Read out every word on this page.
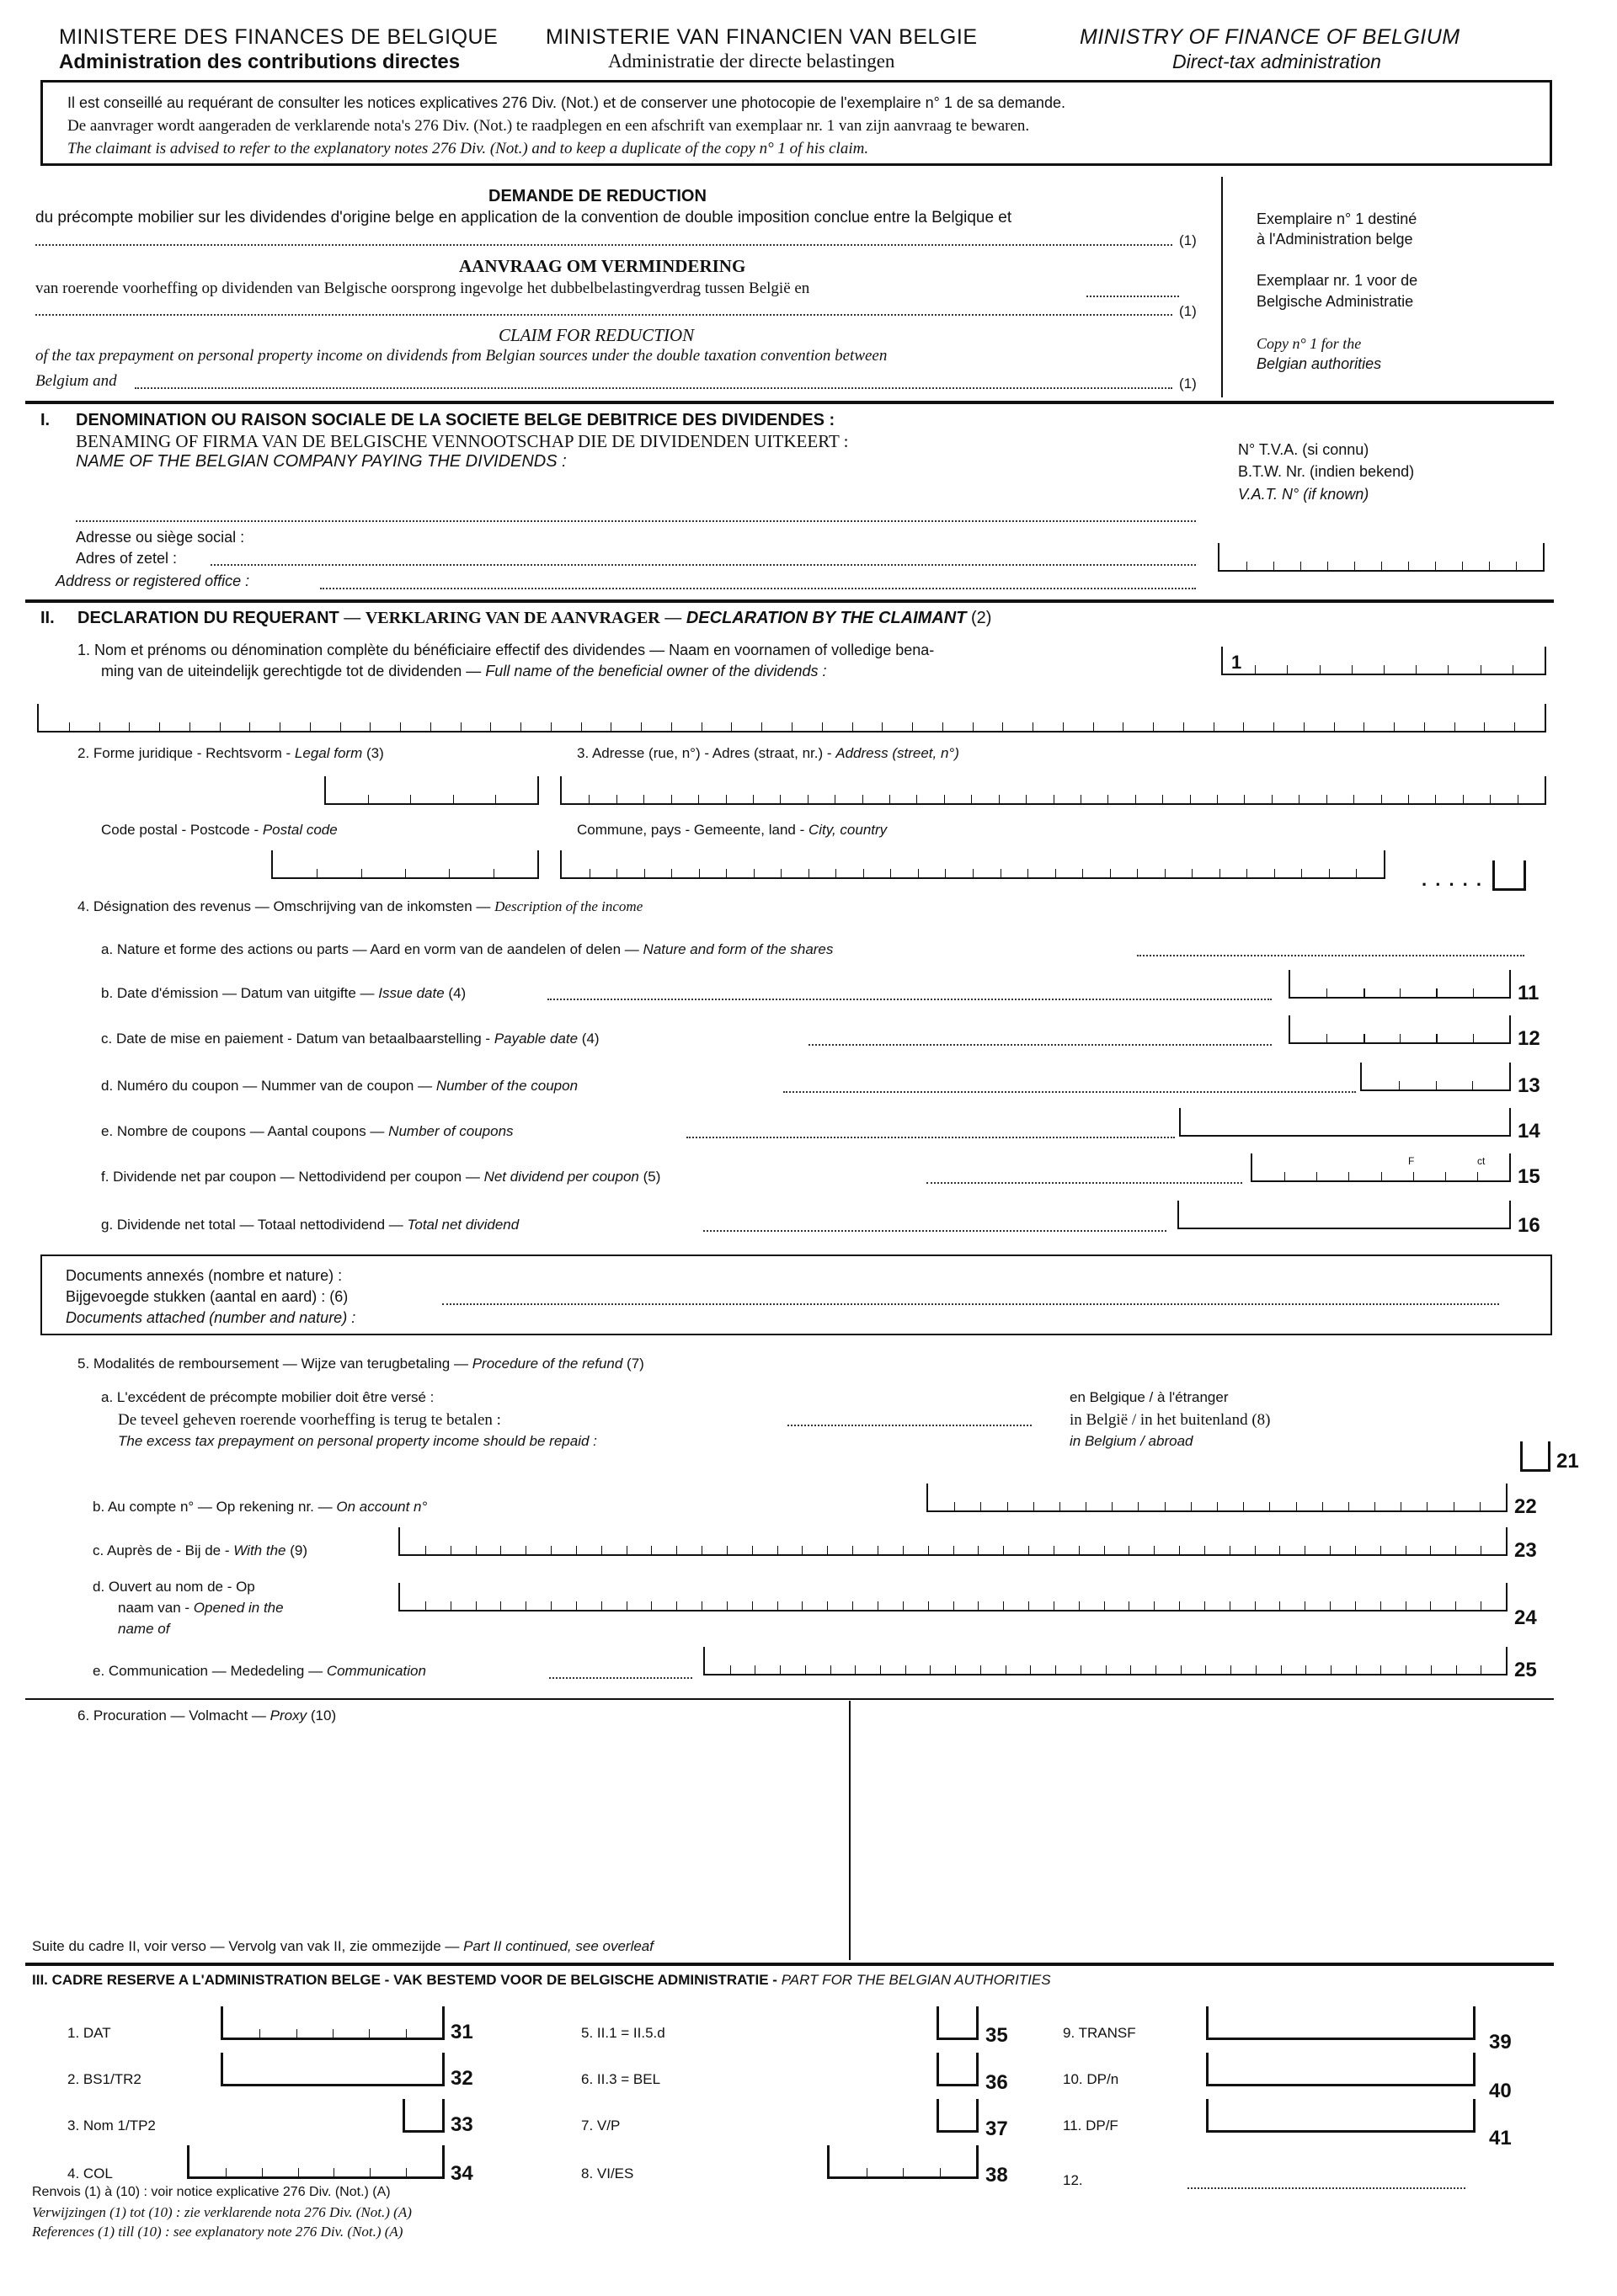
MINISTERE DES FINANCES DE BELGIQUE
Administration des contributions directes
MINISTERIE VAN FINANCIEN VAN BELGIE
Administratie der directe belastingen
MINISTRY OF FINANCE OF BELGIUM
Direct-tax administration
Il est conseillé au requérant de consulter les notices explicatives 276 Div. (Not.) et de conserver une photocopie de l'exemplaire n° 1 de sa demande.
De aanvrager wordt aangeraden de verklarende nota's 276 Div. (Not.) te raadplegen en een afschrift van exemplaar nr. 1 van zijn aanvraag te bewaren.
The claimant is advised to refer to the explanatory notes 276 Div. (Not.) and to keep a duplicate of the copy n° 1 of his claim.
DEMANDE DE REDUCTION
du précompte mobilier sur les dividendes d'origine belge en application de la convention de double imposition conclue entre la Belgique et
(1)
AANVRAAG OM VERMINDERING
van roerende voorheffing op dividenden van Belgische oorsprong ingevolge het dubbelbelastingverdrag tussen België en
(1)
CLAIM FOR REDUCTION
of the tax prepayment on personal property income on dividends from Belgian sources under the double taxation convention between
Belgium and	(1)
Exemplaire n° 1 destiné
à l'Administration belge
Exemplaar nr. 1 voor de
Belgische Administratie
Copy n° 1 for the
Belgian authorities
I. DENOMINATION OU RAISON SOCIALE DE LA SOCIETE BELGE DEBITRICE DES DIVIDENDES :
BENAMING OF FIRMA VAN DE BELGISCHE VENNOOTSCHAP DIE DE DIVIDENDEN UITKEERT :
NAME OF THE BELGIAN COMPANY PAYING THE DIVIDENDS :
N° T.V.A. (si connu)
B.T.W. Nr. (indien bekend)
V.A.T. N° (if known)
Adresse ou siège social :
Adres of zetel :
Address or registered office :
II. DECLARATION DU REQUERANT — VERKLARING VAN DE AANVRAGER — DECLARATION BY THE CLAIMANT (2)
1. Nom et prénoms ou dénomination complète du bénéficiaire effectif des dividendes — Naam en voornamen of volledige bena-
ming van de uiteindelijk gerechtigde tot de dividenden — Full name of the beneficial owner of the dividends :	1
2. Forme juridique - Rechtsvorm - Legal form (3)	3. Adresse (rue, n°) - Adres (straat, nr.) - Address (street, n°)
Code postal - Postcode - Postal code	Commune, pays - Gemeente, land - City, country
. . . . .
4. Désignation des revenus — Omschrijving van de inkomsten — Description of the income
a. Nature et forme des actions ou parts — Aard en vorm van de aandelen of delen — Nature and form of the shares
b. Date d'émission — Datum van uitgifte — Issue date (4)	11
c. Date de mise en paiement - Datum van betaalbaarstelling - Payable date (4)	12
d. Numéro du coupon — Nummer van de coupon — Number of the coupon	13
e. Nombre de coupons — Aantal coupons — Number of coupons	14
f. Dividende net par coupon — Nettodividend per coupon — Net dividend per coupon (5)
F	ct
15
g. Dividende net total — Totaal nettodividend — Total net dividend	16
Documents annexés (nombre et nature) :
Bijgevoegde stukken (aantal en aard) : (6)
Documents attached (number and nature) :
5. Modalités de remboursement — Wijze van terugbetaling — Procedure of the refund (7)
a. L'excédent de précompte mobilier doit être versé :
De teveel geheven roerende voorheffing is terug te betalen :
The excess tax prepayment on personal property income should be repaid :
en Belgique / à l'étranger
in België / in het buitenland (8)
in Belgium / abroad
21
b. Au compte n° — Op rekening nr. — On account n°	22
c. Auprès de - Bij de - With the (9)	23
d. Ouvert au nom de - Op
naam van - Opened in the
name of	24
e. Communication — Mededeling — Communication	25
6. Procuration — Volmacht — Proxy (10)
Suite du cadre II, voir verso — Vervolg van vak II, zie ommezijde — Part II continued, see overleaf
III. CADRE RESERVE A L'ADMINISTRATION BELGE - VAK BESTEMD VOOR DE BELGISCHE ADMINISTRATIE - PART FOR THE BELGIAN AUTHORITIES
1. DAT	31
2. BS1/TR2	32
3. Nom 1/TP2	33
4. COL	34
5. II.1 = II.5.d	35
6. II.3 = BEL	36
7. V/P	37
8. VI/ES	38
9. TRANSF	39
10. DP/n
40
11. DP/F
41
12.
Renvois (1) à (10) : voir notice explicative 276 Div. (Not.) (A)
Verwijzingen (1) tot (10) : zie verklarende nota 276 Div. (Not.) (A)
References (1) till (10) : see explanatory note 276 Div. (Not.) (A)
